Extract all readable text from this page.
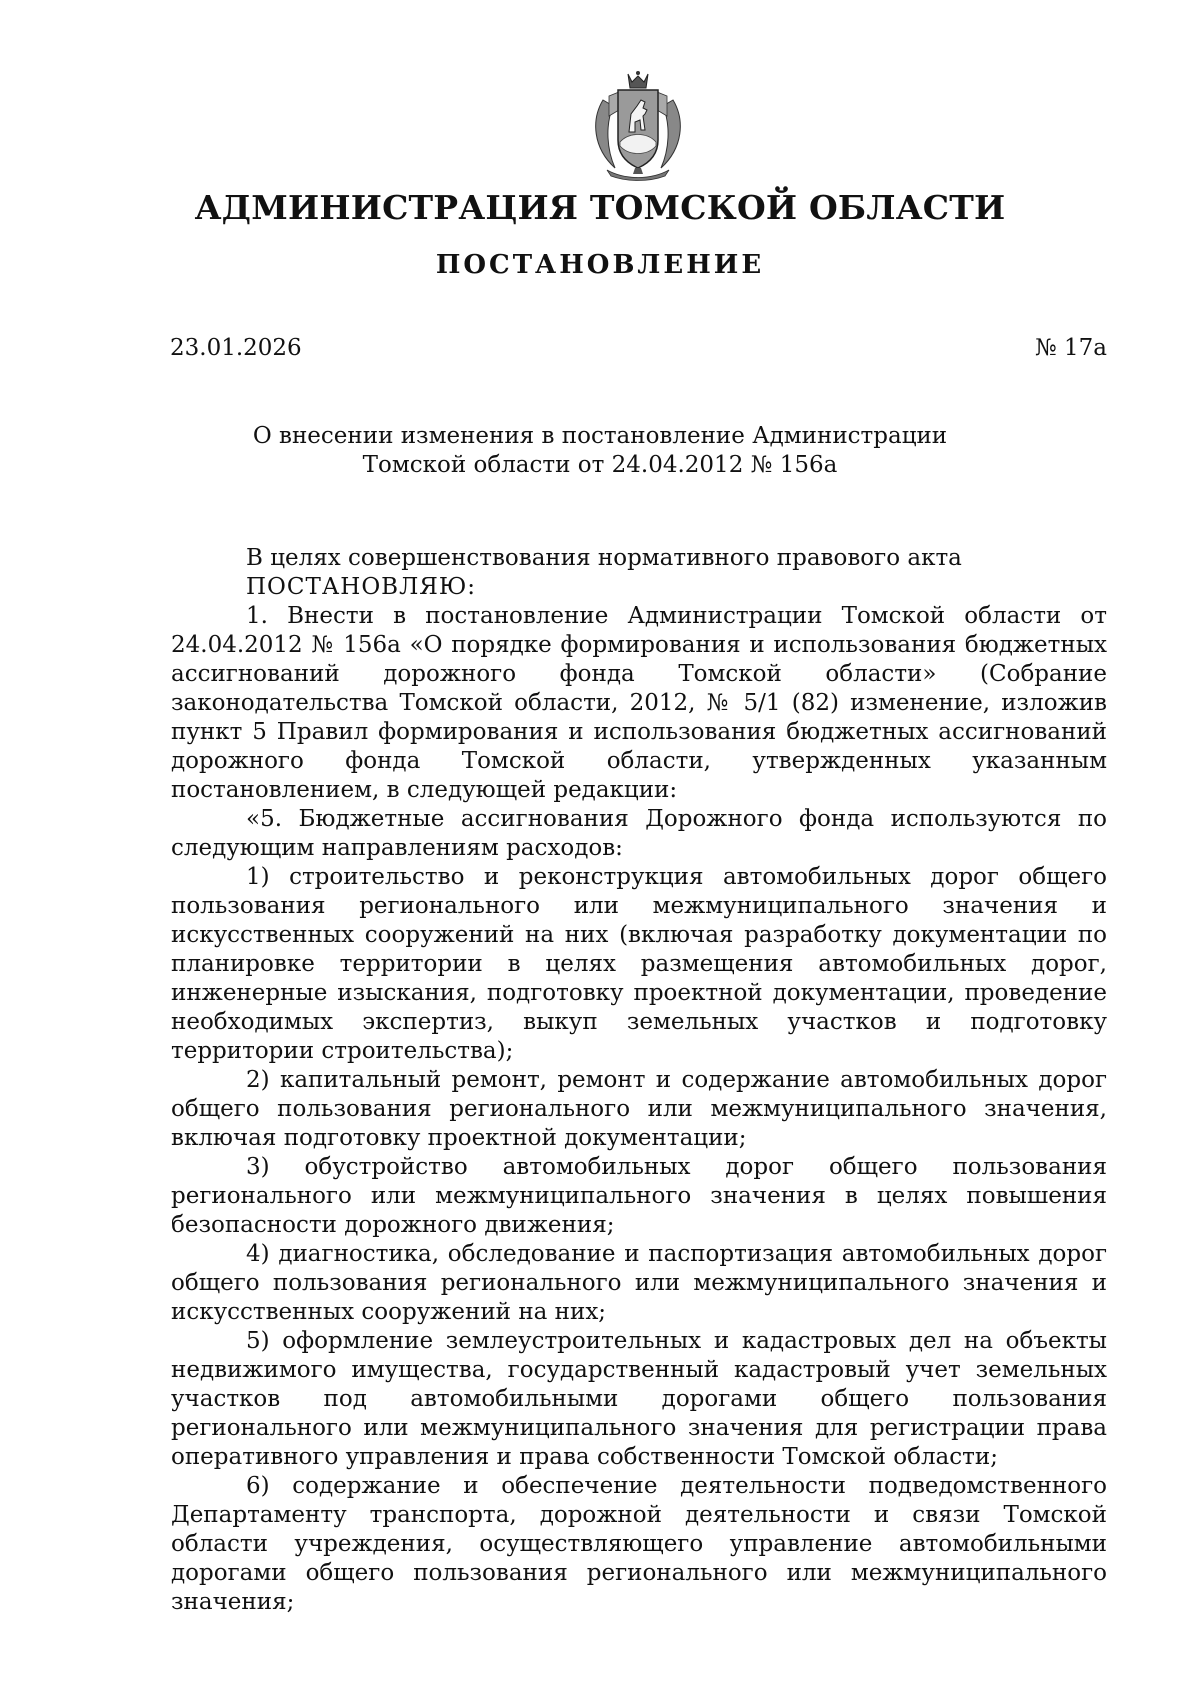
АДМИНИСТРАЦИЯ ТОМСКОЙ ОБЛАСТИ
ПОСТАНОВЛЕНИЕ
23.01.2026	№ 17а
О внесении изменения в постановление Администрации
Томской области от 24.04.2012 № 156а

В целях совершенствования нормативного правового акта

ПОСТАНОВЛЯЮ:

1. Внести в постановление Администрации Томской области от 24.04.2012 № 156а «О порядке формирования и использования бюджетных ассигнований дорожного фонда Томской области» (Собрание законодательства Томской области, 2012, № 5/1 (82) изменение, изложив пункт 5 Правил формирования и использования бюджетных ассигнований дорожного фонда Томской области, утвержденных указанным постановлением, в следующей редакции:

«5. Бюджетные ассигнования Дорожного фонда используются по следующим направлениям расходов:

1) строительство и реконструкция автомобильных дорог общего пользования регионального или межмуниципального значения и искусственных сооружений на них (включая разработку документации по планировке территории в целях размещения автомобильных дорог, инженерные изыскания, подготовку проектной документации, проведение необходимых экспертиз, выкуп земельных участков и подготовку территории строительства);

2) капитальный ремонт, ремонт и содержание автомобильных дорог общего пользования регионального или межмуниципального значения, включая подготовку проектной документации;

3) обустройство автомобильных дорог общего пользования регионального или межмуниципального значения в целях повышения безопасности дорожного движения;

4) диагностика, обследование и паспортизация автомобильных дорог общего пользования регионального или межмуниципального значения и искусственных сооружений на них;

5) оформление землеустроительных и кадастровых дел на объекты недвижимого имущества, государственный кадастровый учет земельных участков под автомобильными дорогами общего пользования регионального или межмуниципального значения для регистрации права оперативного управления и права собственности Томской области;

6) содержание и обеспечение деятельности подведомственного Департаменту транспорта, дорожной деятельности и связи Томской области учреждения, осуществляющего управление автомобильными дорогами общего пользования регионального или межмуниципального значения;
